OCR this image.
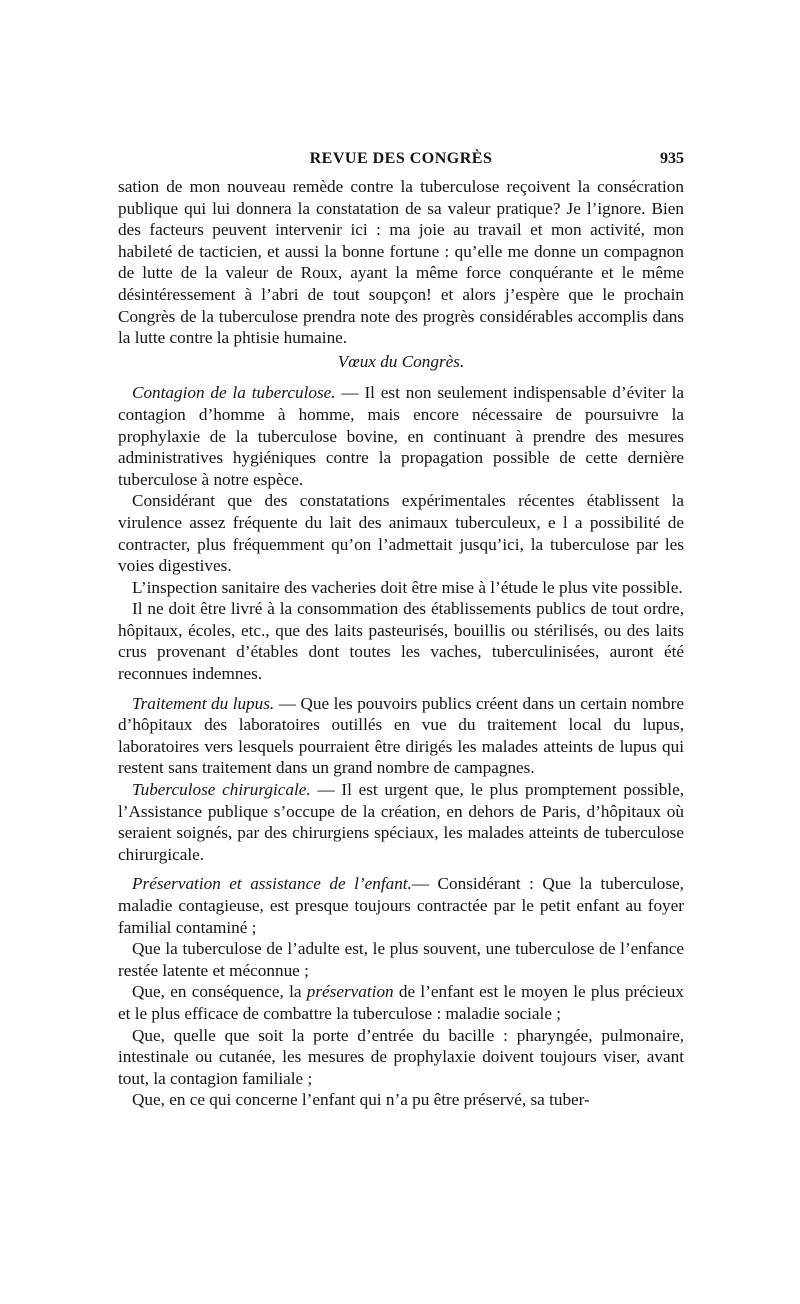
REVUE DES CONGRÈS	935

sation de mon nouveau remède contre la tuberculose reçoivent la consécration publique qui lui donnera la constatation de sa valeur pratique? Je l’ignore. Bien des facteurs peuvent intervenir ici : ma joie au travail et mon activité, mon habileté de tacticien, et aussi la bonne fortune : qu’elle me donne un compagnon de lutte de la valeur de Roux, ayant la même force conquérante et le même désintéressement à l’abri de tout soupçon! et alors j’espère que le prochain Congrès de la tuberculose prendra note des progrès considérables accomplis dans la lutte contre la phtisie humaine.

Vœux du Congrès.

Contagion de la tuberculose. — Il est non seulement indispensable d’éviter la contagion d’homme à homme, mais encore nécessaire de poursuivre la prophylaxie de la tuberculose bovine, en continuant à prendre des mesures administratives hygiéniques contre la propagation possible de cette dernière tuberculose à notre espèce.

Considérant que des constatations expérimentales récentes établissent la virulence assez fréquente du lait des animaux tuberculeux, e l a possibilité de contracter, plus fréquemment qu’on l’admettait jusqu’ici, la tuberculose par les voies digestives.

L’inspection sanitaire des vacheries doit être mise à l’étude le plus vite possible.

Il ne doit être livré à la consommation des établissements publics de tout ordre, hôpitaux, écoles, etc., que des laits pasteurisés, bouillis ou stérilisés, ou des laits crus provenant d’étables dont toutes les vaches, tuberculinisées, auront été reconnues indemnes.

Traitement du lupus. — Que les pouvoirs publics créent dans un certain nombre d’hôpitaux des laboratoires outillés en vue du traitement local du lupus, laboratoires vers lesquels pourraient être dirigés les malades atteints de lupus qui restent sans traitement dans un grand nombre de campagnes.

Tuberculose chirurgicale. — Il est urgent que, le plus promptement possible, l’Assistance publique s’occupe de la création, en dehors de Paris, d’hôpitaux où seraient soignés, par des chirurgiens spéciaux, les malades atteints de tuberculose chirurgicale.

Préservation et assistance de l’enfant.— Considérant : Que la tuberculose, maladie contagieuse, est presque toujours contractée par le petit enfant au foyer familial contaminé ;

Que la tuberculose de l’adulte est, le plus souvent, une tuberculose de l’enfance restée latente et méconnue ;

Que, en conséquence, la préservation de l’enfant est le moyen le plus précieux et le plus efficace de combattre la tuberculose : maladie sociale ;

Que, quelle que soit la porte d’entrée du bacille : pharyngée, pulmonaire, intestinale ou cutanée, les mesures de prophylaxie doivent toujours viser, avant tout, la contagion familiale ;

Que, en ce qui concerne l’enfant qui n’a pu être préservé, sa tuber-
